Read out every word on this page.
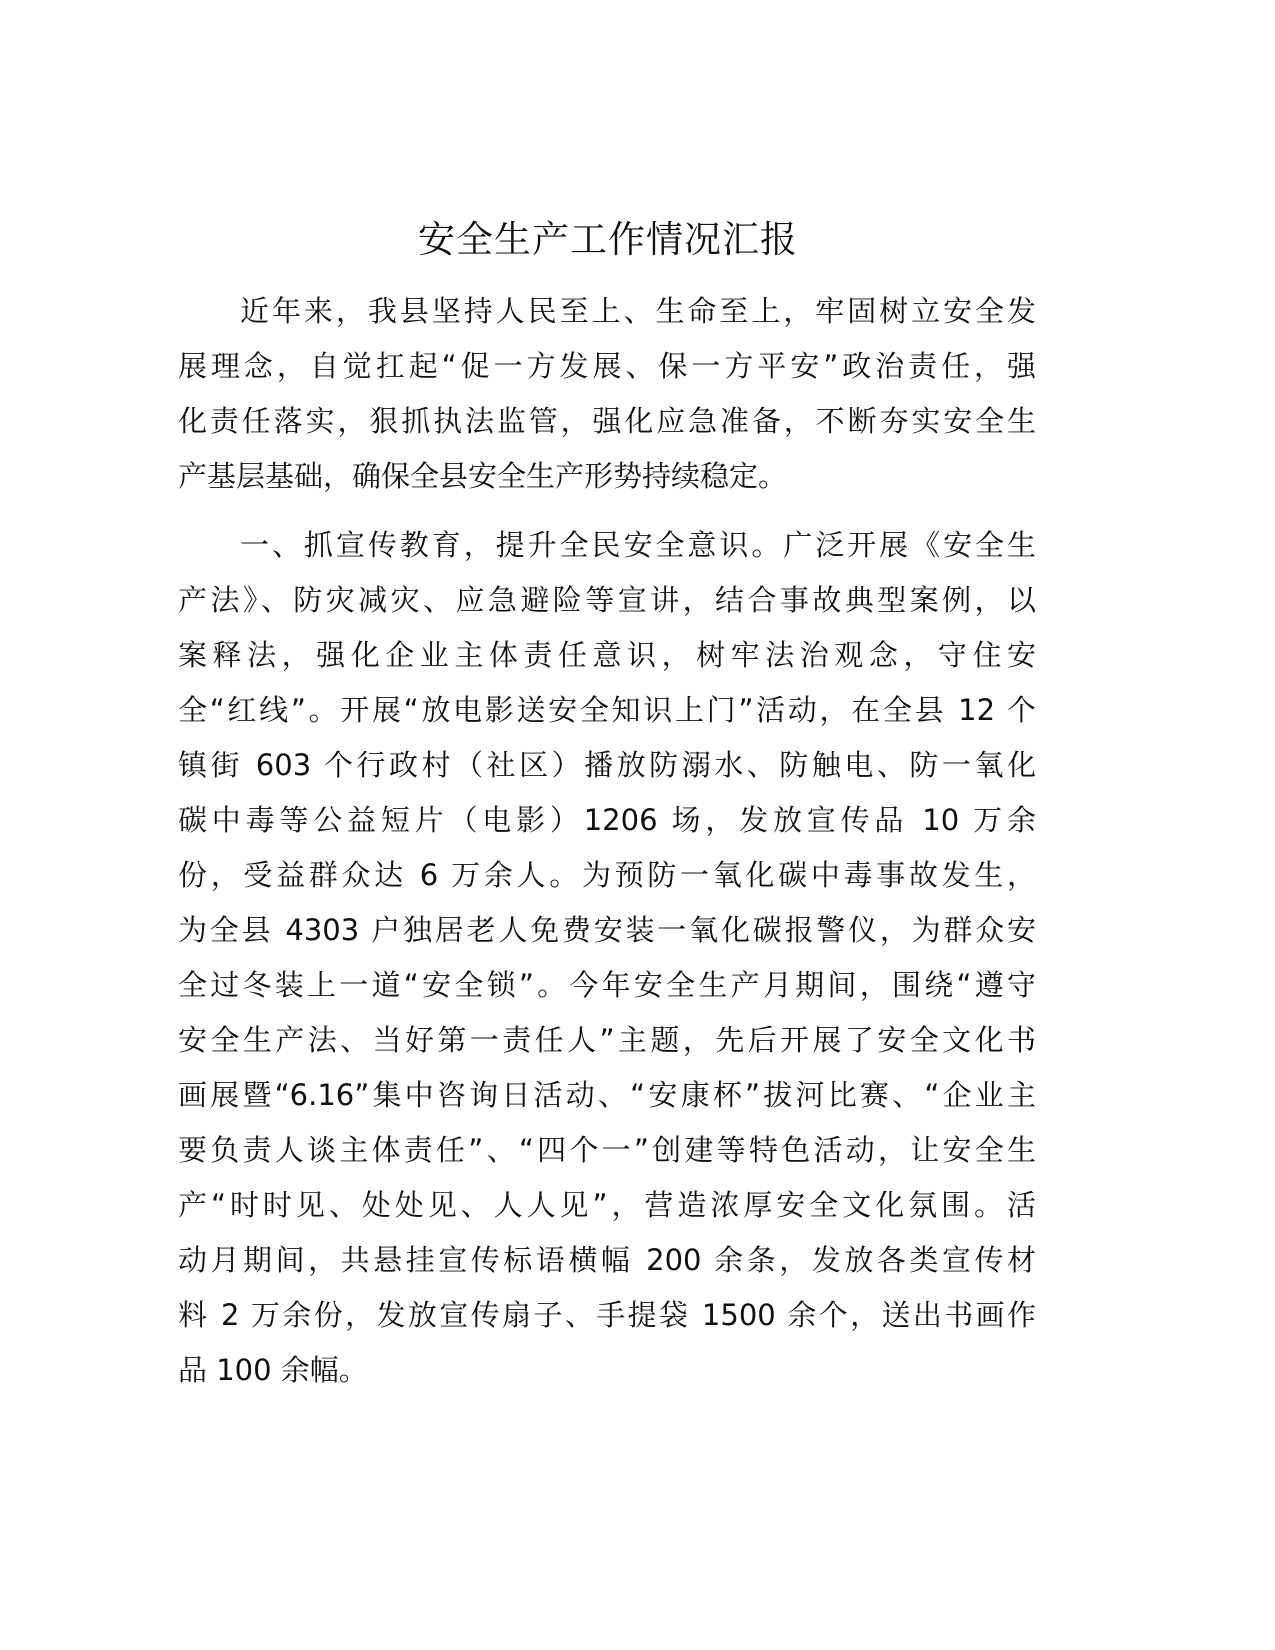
安全生产工作情况汇报
近年来，我县坚持人民至上、生命至上，牢固树立安全发
展理念，自觉扛起“促一方发展、保一方平安”政治责任，强
化责任落实，狠抓执法监管，强化应急准备，不断夯实安全生
产基层基础，确保全县安全生产形势持续稳定。
一、抓宣传教育，提升全民安全意识。广泛开展《安全生
产法》、防灾减灾、应急避险等宣讲，结合事故典型案例，以
案释法，强化企业主体责任意识，树牢法治观念，守住安
全“红线”。开展“放电影送安全知识上门”活动，在全县 12 个
镇街 603 个行政村（社区）播放防溺水、防触电、防一氧化
碳中毒等公益短片（电影）1206 场，发放宣传品 10 万余
份，受益群众达 6 万余人。为预防一氧化碳中毒事故发生，
为全县 4303 户独居老人免费安装一氧化碳报警仪，为群众安
全过冬装上一道“安全锁”。今年安全生产月期间，围绕“遵守
安全生产法、当好第一责任人”主题，先后开展了安全文化书
画展暨“6.16”集中咨询日活动、“安康杯”拔河比赛、“企业主
要负责人谈主体责任”、“四个一”创建等特色活动，让安全生
产“时时见、处处见、人人见”，营造浓厚安全文化氛围。活
动月期间，共悬挂宣传标语横幅 200 余条，发放各类宣传材
料 2 万余份，发放宣传扇子、手提袋 1500 余个，送出书画作
品 100 余幅。
